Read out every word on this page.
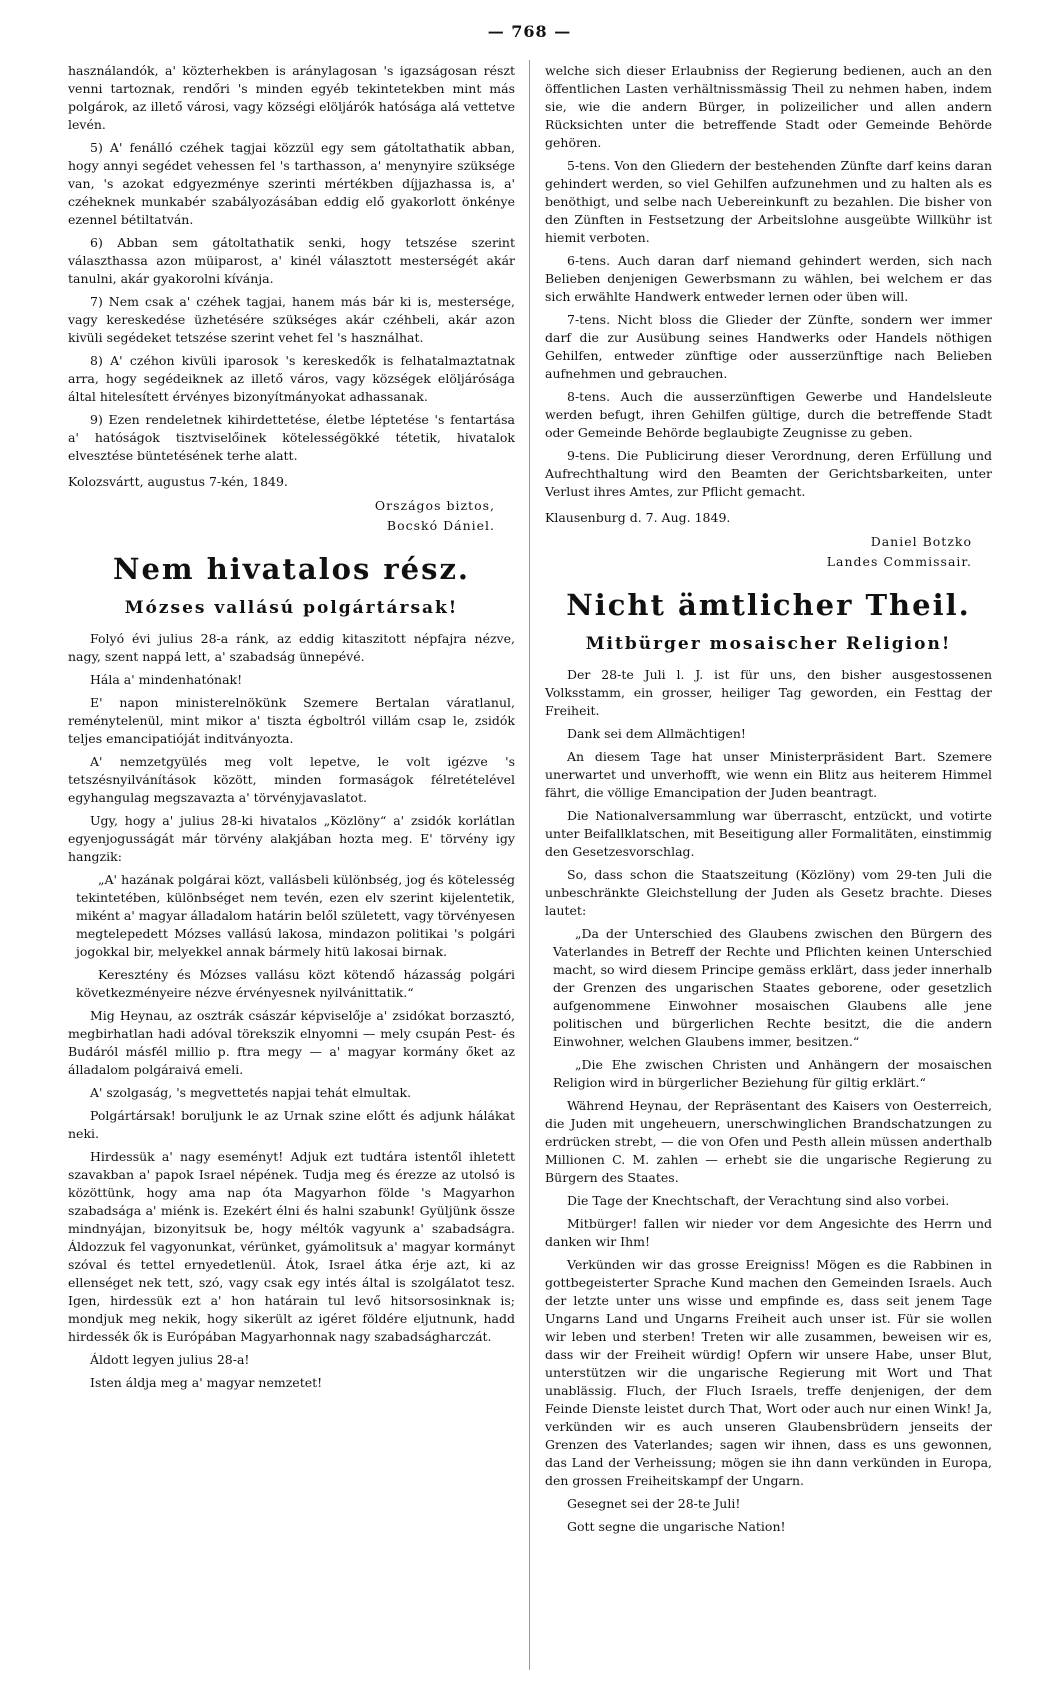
— 768 —

használandók, a' közterhekben is aránylagosan 's igazságosan részt venni tartoznak, rendőri 's minden egyéb tekintetekben mint más polgárok, az illető városi, vagy községi elöljárók hatósága alá vettetve levén.

5) A' fenálló czéhek tagjai közzül egy sem gátoltathatik abban, hogy annyi segédet vehessen fel 's tarthasson, a' menynyire szüksége van, 's azokat edgyezménye szerinti mértékben díjjazhassa is, a' czéheknek munkabér szabályozásában eddig elő gyakorlott önkénye ezennel bétiltatván.

6) Abban sem gátoltathatik senki, hogy tetszése szerint választhassa azon müiparost, a' kinél választott mesterségét akár tanulni, akár gyakorolni kívánja.

7) Nem csak a' czéhek tagjai, hanem más bár ki is, mestersége, vagy kereskedése üzhetésére szükséges akár czéhbeli, akár azon kivüli segédeket tetszése szerint vehet fel 's használhat.

8) A' czéhon kivüli iparosok 's kereskedők is felhatalmaztatnak arra, hogy segédeiknek az illető város, vagy községek elöljárósága által hitelesített érvényes bizonyítmányokat adhassanak.

9) Ezen rendeletnek kihirdettetése, életbe léptetése 's fentartása a' hatóságok tisztviselőinek kötelességökké tétetik, hivatalok elvesztése büntetésének terhe alatt.

Kolozsvártt, augustus 7-kén, 1849.

Országos biztos,
Bocskó Dániel.
Nem hivatalos rész.
Mózses vallású polgártársak!

Folyó évi julius 28-a ránk, az eddig kitaszitott népfajra nézve, nagy, szent nappá lett, a' szabadság ünnepévé.

Hála a' mindenhatónak!

E' napon ministerelnökünk Szemere Bertalan váratlanul, reménytelenül, mint mikor a' tiszta égboltról villám csap le, zsidók teljes emancipatióját inditványozta.

A' nemzetgyülés meg volt lepetve, le volt igézve 's tetszésnyilvánítások között, minden formaságok félretételével egyhangulag megszavazta a' törvényjavaslatot.

Ugy, hogy a' julius 28-ki hivatalos „Közlöny“ a' zsidók korlátlan egyenjogusságát már törvény alakjában hozta meg. E' törvény igy hangzik:

„A' hazának polgárai közt, vallásbeli különbség, jog és kötelesség tekintetében, különbséget nem tevén, ezen elv szerint kijelentetik, miként a' magyar álladalom határin belől született, vagy törvényesen megtelepedett Mózses vallású lakosa, mindazon politikai 's polgári jogokkal bir, melyekkel annak bármely hitü lakosai birnak.

Keresztény és Mózses vallásu közt kötendő házasság polgári következményeire nézve érvényesnek nyilvánittatik.“

Mig Heynau, az osztrák császár képviselője a' zsidókat borzasztó, megbirhatlan hadi adóval törekszik elnyomni — mely csupán Pest- és Budáról másfél millio p. ftra megy — a' magyar kormány őket az álladalom polgáraivá emeli.

A' szolgaság, 's megvettetés napjai tehát elmultak.

Polgártársak! boruljunk le az Urnak szine előtt és adjunk hálákat neki.

Hirdessük a' nagy eseményt! Adjuk ezt tudtára istentől ihletett szavakban a' papok Israel népének. Tudja meg és érezze az utolsó is közöttünk, hogy ama nap óta Magyarhon földe 's Magyarhon szabadsága a' miénk is. Ezekért élni és halni szabunk! Gyüljünk össze mindnyájan, bizonyitsuk be, hogy méltók vagyunk a' szabadságra. Áldozzuk fel vagyonunkat, vérünket, gyámolitsuk a' magyar kormányt szóval és tettel ernyedetlenül. Átok, Israel átka érje azt, ki az ellenséget nek tett, szó, vagy csak egy intés által is szolgálatot tesz. Igen, hirdessük ezt a' hon határain tul levő hitsorsosinknak is; mondjuk meg nekik, hogy sikerült az igéret földére eljutnunk, hadd hirdessék ők is Európában Magyarhonnak nagy szabadságharczát.

Áldott legyen julius 28-a!

Isten áldja meg a' magyar nemzetet!

welche sich dieser Erlaubniss der Regierung bedienen, auch an den öffentlichen Lasten verhältnissmässig Theil zu nehmen haben, indem sie, wie die andern Bürger, in polizeilicher und allen andern Rücksichten unter die betreffende Stadt oder Gemeinde Behörde gehören.

5-tens. Von den Gliedern der bestehenden Zünfte darf keins daran gehindert werden, so viel Gehilfen aufzunehmen und zu halten als es benöthigt, und selbe nach Uebereinkunft zu bezahlen. Die bisher von den Zünften in Festsetzung der Arbeitslohne ausgeübte Willkühr ist hiemit verboten.

6-tens. Auch daran darf niemand gehindert werden, sich nach Belieben denjenigen Gewerbsmann zu wählen, bei welchem er das sich erwählte Handwerk entweder lernen oder üben will.

7-tens. Nicht bloss die Glieder der Zünfte, sondern wer immer darf die zur Ausübung seines Handwerks oder Handels nöthigen Gehilfen, entweder zünftige oder ausserzünftige nach Belieben aufnehmen und gebrauchen.

8-tens. Auch die ausserzünftigen Gewerbe und Handelsleute werden befugt, ihren Gehilfen gültige, durch die betreffende Stadt oder Gemeinde Behörde beglaubigte Zeugnisse zu geben.

9-tens. Die Publicirung dieser Verordnung, deren Erfüllung und Aufrechthaltung wird den Beamten der Gerichtsbarkeiten, unter Verlust ihres Amtes, zur Pflicht gemacht.

Klausenburg d. 7. Aug. 1849.

Daniel Botzko
Landes Commissair.
Nicht ämtlicher Theil.
Mitbürger mosaischer Religion!

Der 28-te Juli l. J. ist für uns, den bisher ausgestossenen Volksstamm, ein grosser, heiliger Tag geworden, ein Festtag der Freiheit.

Dank sei dem Allmächtigen!

An diesem Tage hat unser Ministerpräsident Bart. Szemere unerwartet und unverhofft, wie wenn ein Blitz aus heiterem Himmel fährt, die völlige Emancipation der Juden beantragt.

Die Nationalversammlung war überrascht, entzückt, und votirte unter Beifallklatschen, mit Beseitigung aller Formalitäten, einstimmig den Gesetzesvorschlag.

So, dass schon die Staatszeitung (Közlöny) vom 29-ten Juli die unbeschränkte Gleichstellung der Juden als Gesetz brachte. Dieses lautet:

„Da der Unterschied des Glaubens zwischen den Bürgern des Vaterlandes in Betreff der Rechte und Pflichten keinen Unterschied macht, so wird diesem Principe gemäss erklärt, dass jeder innerhalb der Grenzen des ungarischen Staates geborene, oder gesetzlich aufgenommene Einwohner mosaischen Glaubens alle jene politischen und bürgerlichen Rechte besitzt, die die andern Einwohner, welchen Glaubens immer, besitzen.“

„Die Ehe zwischen Christen und Anhängern der mosaischen Religion wird in bürgerlicher Beziehung für giltig erklärt.“

Während Heynau, der Repräsentant des Kaisers von Oesterreich, die Juden mit ungeheuern, unerschwinglichen Brandschatzungen zu erdrücken strebt, — die von Ofen und Pesth allein müssen anderthalb Millionen C. M. zahlen — erhebt sie die ungarische Regierung zu Bürgern des Staates.

Die Tage der Knechtschaft, der Verachtung sind also vorbei.

Mitbürger! fallen wir nieder vor dem Angesichte des Herrn und danken wir Ihm!

Verkünden wir das grosse Ereigniss! Mögen es die Rabbinen in gottbegeisterter Sprache Kund machen den Gemeinden Israels. Auch der letzte unter uns wisse und empfinde es, dass seit jenem Tage Ungarns Land und Ungarns Freiheit auch unser ist. Für sie wollen wir leben und sterben! Treten wir alle zusammen, beweisen wir es, dass wir der Freiheit würdig! Opfern wir unsere Habe, unser Blut, unterstützen wir die ungarische Regierung mit Wort und That unablässig. Fluch, der Fluch Israels, treffe denjenigen, der dem Feinde Dienste leistet durch That, Wort oder auch nur einen Wink! Ja, verkünden wir es auch unseren Glaubensbrüdern jenseits der Grenzen des Vaterlandes; sagen wir ihnen, dass es uns gewonnen, das Land der Verheissung; mögen sie ihn dann verkünden in Europa, den grossen Freiheitskampf der Ungarn.

Gesegnet sei der 28-te Juli!

Gott segne die ungarische Nation!
